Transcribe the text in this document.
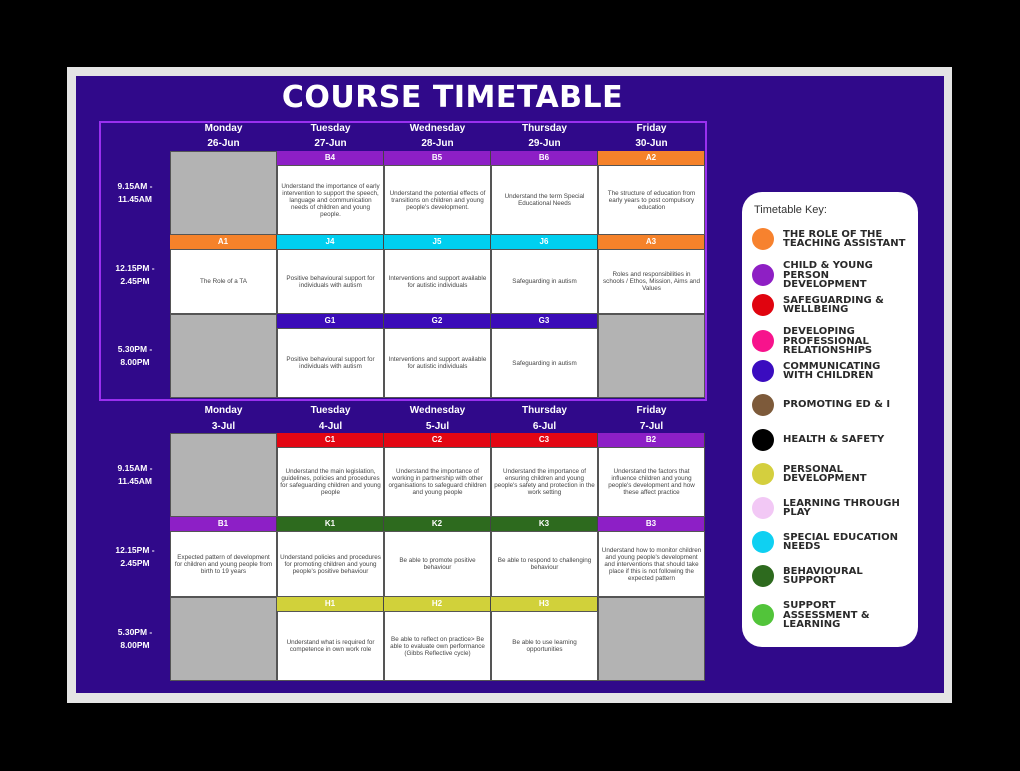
COURSE TIMETABLE
Monday
26-Jun
Tuesday
27-Jun
Wednesday
28-Jun
Thursday
29-Jun
Friday
30-Jun
9.15AM -
11.45AM
B4
Understand the importance of early intervention to support the speech, language and communication needs of children and young people.
B5
Understand the potential effects of transitions on children and young people's development.
B6
Understand the term Special Educational Needs
A2
The structure of education from early years to post compulsory education
12.15PM -
2.45PM
A1
The Role of a TA
J4
Positive behavioural support for individuals with autism
J5
Interventions and support available for autistic individuals
J6
Safeguarding in autism
A3
Roles and responsibilities in schools / Ethos, Mission, Aims and Values
5.30PM -
8.00PM
G1
Positive behavioural support for individuals with autism
G2
Interventions and support available for autistic individuals
G3
Safeguarding in autism
Monday
3-Jul
Tuesday
4-Jul
Wednesday
5-Jul
Thursday
6-Jul
Friday
7-Jul
9.15AM -
11.45AM
C1
Understand the main legislation, guidelines, policies and procedures for safeguarding children and young people
C2
Understand the importance of working in partnership with other organisations to safeguard children and young people
C3
Understand the importance of ensuring children and young people's safety and protection in the work setting
B2
Understand the factors that influence children and young people's development and how these affect practice
12.15PM -
2.45PM
B1
Expected pattern of development for children and young people from birth to 19 years
K1
Understand policies and procedures for promoting children and young people's positive behaviour
K2
Be able to promote positive behaviour
K3
Be able to respond to challenging behaviour
B3
Understand how to monitor children and young people's development and interventions that should take place if this is not following the expected pattern
5.30PM -
8.00PM
H1
Understand what is required for competence in own work role
H2
Be able to reflect on practice> Be able to evaluate own performance (Gibbs Reflective cycle)
H3
Be able to use learning opportunities
Timetable Key:
THE ROLE OF THE TEACHING ASSISTANT
CHILD & YOUNG PERSON DEVELOPMENT
SAFEGUARDING & WELLBEING
DEVELOPING PROFESSIONAL RELATIONSHIPS
COMMUNICATING WITH CHILDREN
PROMOTING ED & I
HEALTH & SAFETY
PERSONAL DEVELOPMENT
LEARNING THROUGH PLAY
SPECIAL EDUCATION NEEDS
BEHAVIOURAL SUPPORT
SUPPORT ASSESSMENT & LEARNING
